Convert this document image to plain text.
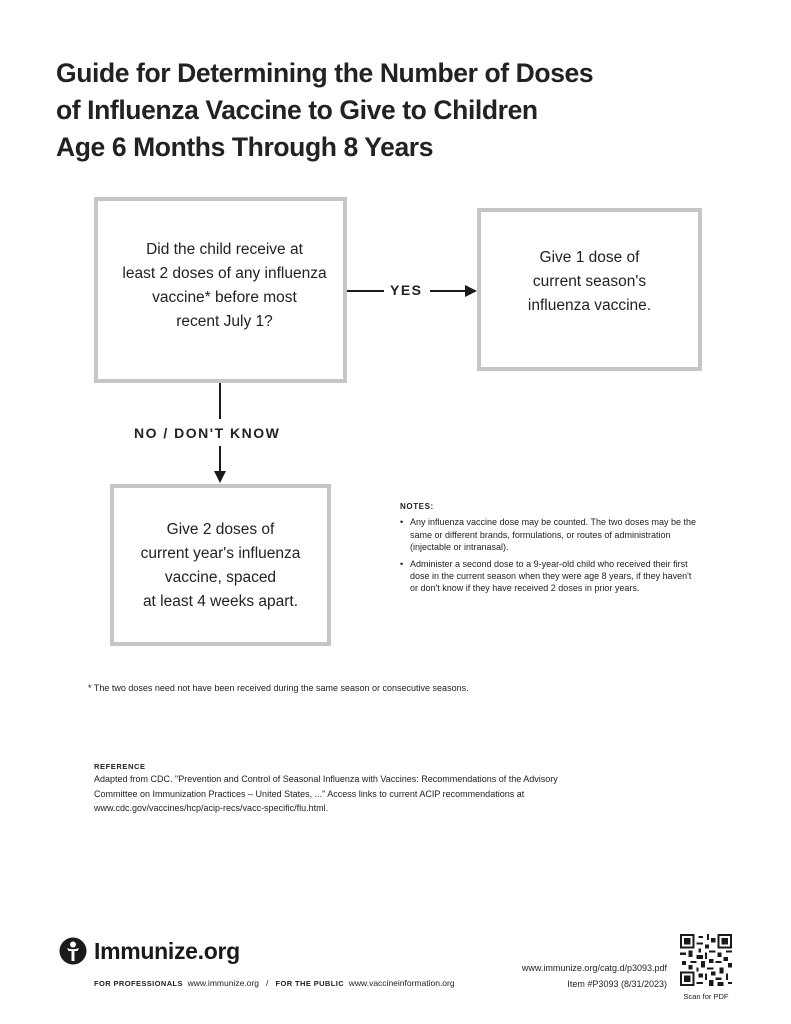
Guide for Determining the Number of Doses
of Influenza Vaccine to Give to Children
Age 6 Months Through 8 Years
Did the child receive at
least 2 doses of any influenza
vaccine* before most
recent July 1?
YES
Give 1 dose of
current season's
influenza vaccine.
NO / DON'T KNOW
Give 2 doses of
current year's influenza
vaccine, spaced
at least 4 weeks apart.
NOTES:
• Any influenza vaccine dose may be counted. The two doses may be the same or different brands, formulations, or routes of administration (injectable or intranasal).
• Administer a second dose to a 9-year-old child who received their first dose in the current season when they were age 8 years, if they haven't or don't know if they have received 2 doses in prior years.
* The two doses need not have been received during the same season or consecutive seasons.
REFERENCE
Adapted from CDC. "Prevention and Control of Seasonal Influenza with Vaccines: Recommendations of the Advisory
Committee on Immunization Practices – United States, ..." Access links to current ACIP recommendations at
www.cdc.gov/vaccines/hcp/acip-recs/vacc-specific/flu.html.
Immunize.org
FOR PROFESSIONALS www.immunize.org / FOR THE PUBLIC www.vaccineinformation.org
www.immunize.org/catg.d/p3093.pdf
Item #P3093 (8/31/2023)
Scan for PDF
